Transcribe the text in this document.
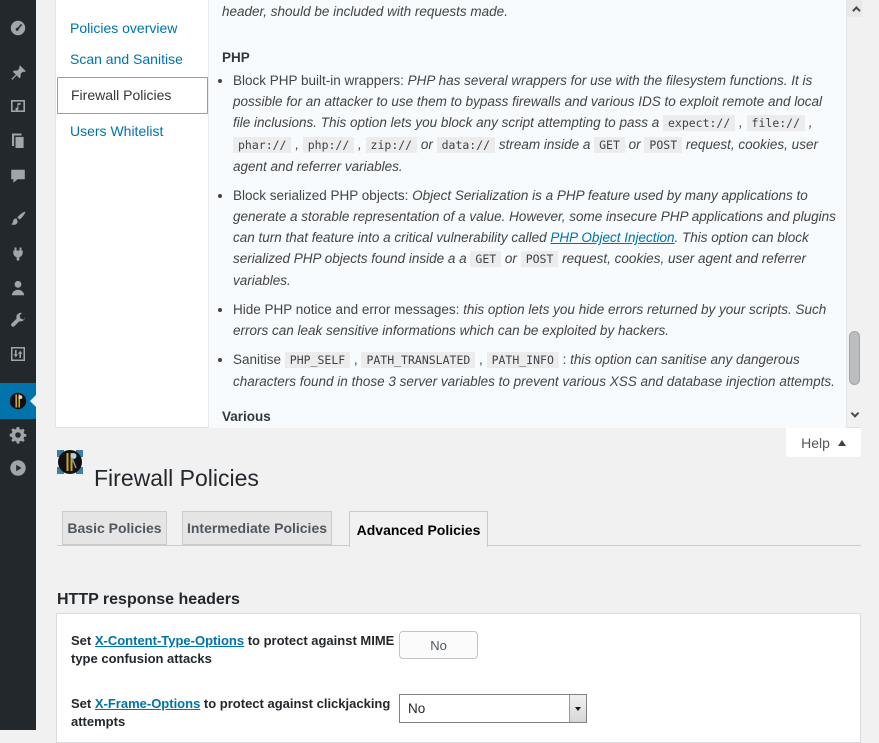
Policies overview
Scan and Sanitise
Firewall Policies
Users Whitelist

header, should be included with requests made.

PHP
• Block PHP built-in wrappers: PHP has several wrappers for use with the filesystem functions. It is possible for an attacker to use them to bypass firewalls and various IDS to exploit remote and local file inclusions. This option lets you block any script attempting to pass a expect:// , file:// , phar:// , php:// , zip:// or data:// stream inside a GET or POST request, cookies, user agent and referrer variables.
• Block serialized PHP objects: Object Serialization is a PHP feature used by many applications to generate a storable representation of a value. However, some insecure PHP applications and plugins can turn that feature into a critical vulnerability called PHP Object Injection. This option can block serialized PHP objects found inside a a GET or POST request, cookies, user agent and referrer variables.
• Hide PHP notice and error messages: this option lets you hide errors returned by your scripts. Such errors can leak sensitive informations which can be exploited by hackers.
• Sanitise PHP_SELF , PATH_TRANSLATED , PATH_INFO : this option can sanitise any dangerous characters found in those 3 server variables to prevent various XSS and database injection attempts.
Various
Help
Firewall Policies
Basic Policies	Intermediate Policies	Advanced Policies
HTTP response headers
Set X-Content-Type-Options to protect against MIME type confusion attacks
No
Set X-Frame-Options to protect against clickjacking attempts
No
